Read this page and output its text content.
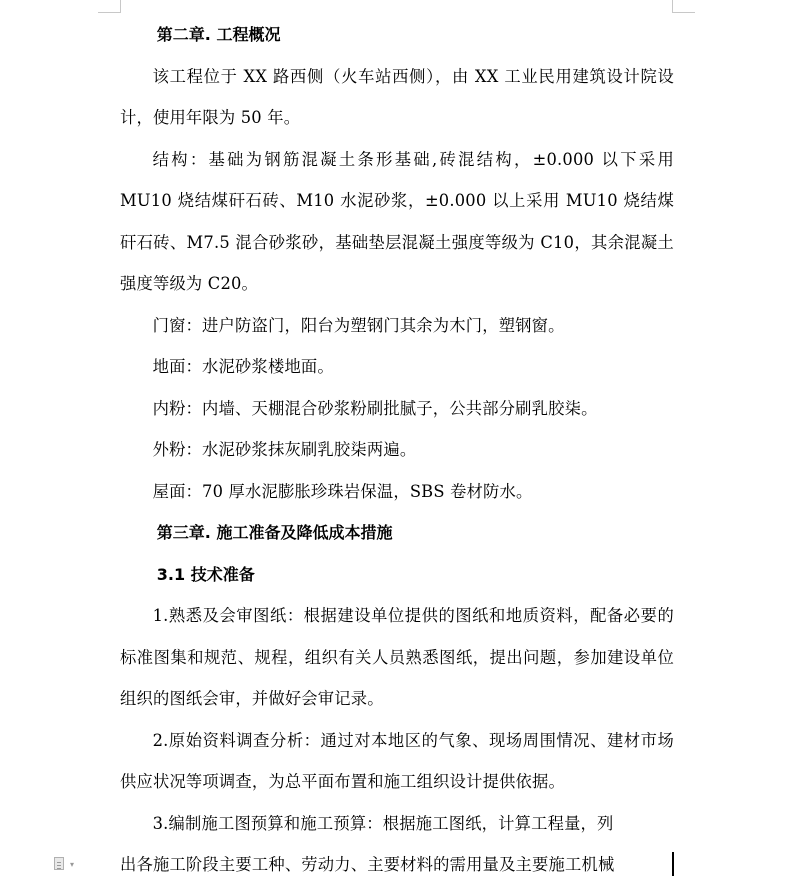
第二章. 工程概况

该工程位于 XX 路西侧（火车站西侧），由 XX 工业民用建筑设计院设计，使用年限为 50 年。

结构：基础为钢筋混凝土条形基础,砖混结构，±0.000 以下采用 MU10 烧结煤矸石砖、M10 水泥砂浆，±0.000 以上采用 MU10 烧结煤矸石砖、M7.5 混合砂浆砂，基础垫层混凝土强度等级为 C10，其余混凝土强度等级为 C20。

门窗：进户防盗门，阳台为塑钢门其余为木门，塑钢窗。

地面：水泥砂浆楼地面。

内粉：内墙、天棚混合砂浆粉刷批腻子，公共部分刷乳胶柒。

外粉：水泥砂浆抹灰刷乳胶柒两遍。

屋面：70 厚水泥膨胀珍珠岩保温，SBS 卷材防水。

第三章. 施工准备及降低成本措施

3.1 技术准备

1.熟悉及会审图纸：根据建设单位提供的图纸和地质资料，配备必要的标准图集和规范、规程，组织有关人员熟悉图纸，提出问题，参加建设单位组织的图纸会审，并做好会审记录。

2.原始资料调查分析：通过对本地区的气象、现场周围情况、建材市场供应状况等项调查，为总平面布置和施工组织设计提供依据。

3.编制施工图预算和施工预算：根据施工图纸，计算工程量，列

出各施工阶段主要工种、劳动力、主要材料的需用量及主要施工机械

▾
